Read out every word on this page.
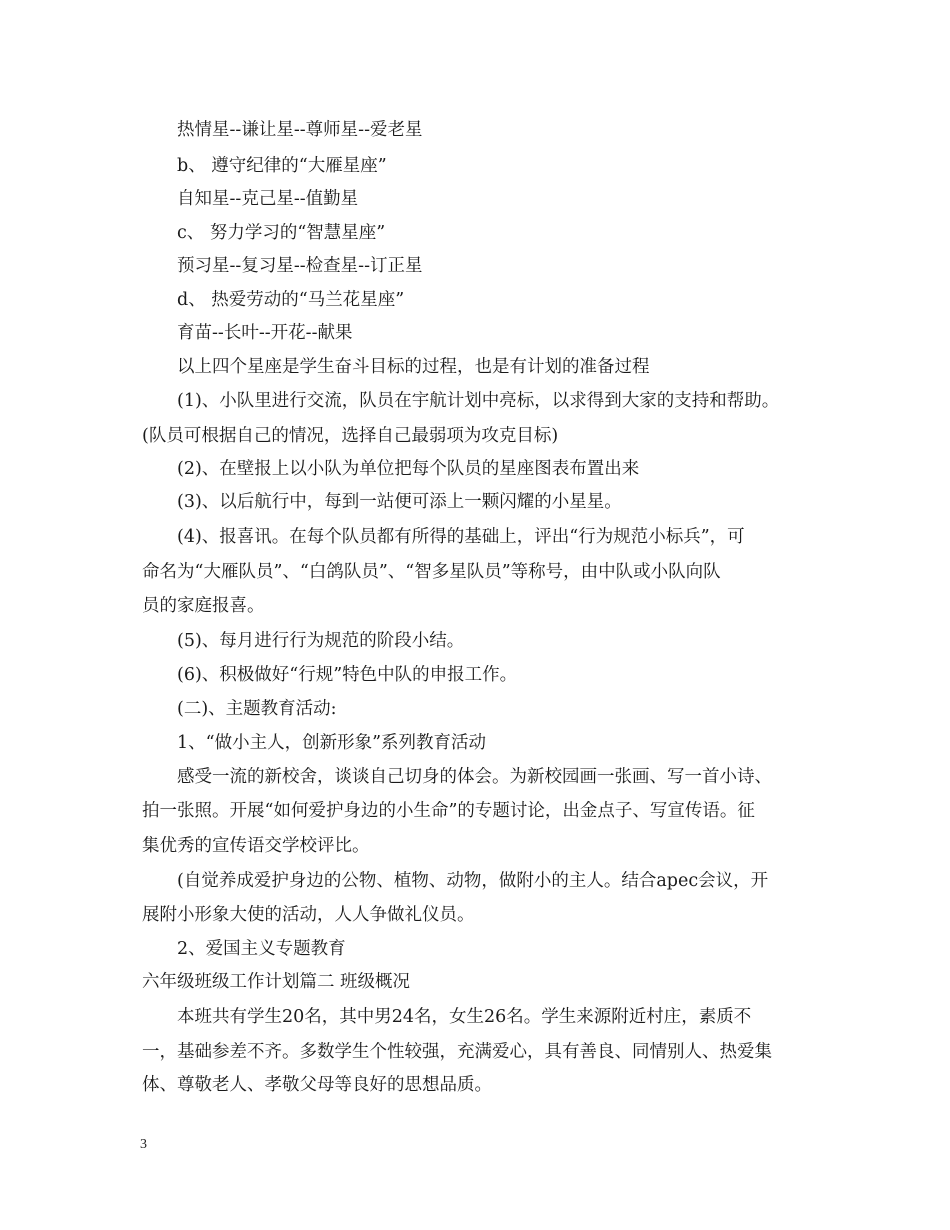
热情星--谦让星--尊师星--爱老星
b、 遵守纪律的“大雁星座”
自知星--克己星--值勤星
c、 努力学习的“智慧星座”
预习星--复习星--检查星--订正星
d、 热爱劳动的“马兰花星座”
育苗--长叶--开花--献果
以上四个星座是学生奋斗目标的过程，也是有计划的准备过程
(1)、小队里进行交流，队员在宇航计划中亮标，以求得到大家的支持和帮助。
(队员可根据自己的情况，选择自己最弱项为攻克目标)
(2)、在壁报上以小队为单位把每个队员的星座图表布置出来
(3)、以后航行中，每到一站便可添上一颗闪耀的小星星。
(4)、报喜讯。在每个队员都有所得的基础上，评出“行为规范小标兵”，可
命名为“大雁队员”、“白鸽队员”、“智多星队员”等称号，由中队或小队向队
员的家庭报喜。
(5)、每月进行行为规范的阶段小结。
(6)、积极做好“行规”特色中队的申报工作。
(二)、主题教育活动:
1、“做小主人，创新形象”系列教育活动
感受一流的新校舍，谈谈自己切身的体会。为新校园画一张画、写一首小诗、
拍一张照。开展“如何爱护身边的小生命”的专题讨论，出金点子、写宣传语。征
集优秀的宣传语交学校评比。
(自觉养成爱护身边的公物、植物、动物，做附小的主人。结合apec会议，开
展附小形象大使的活动，人人争做礼仪员。
2、爱国主义专题教育
六年级班级工作计划篇二 班级概况
本班共有学生20名，其中男24名，女生26名。学生来源附近村庄，素质不
一，基础参差不齐。多数学生个性较强，充满爱心，具有善良、同情别人、热爱集
体、尊敬老人、孝敬父母等良好的思想品质。
3
